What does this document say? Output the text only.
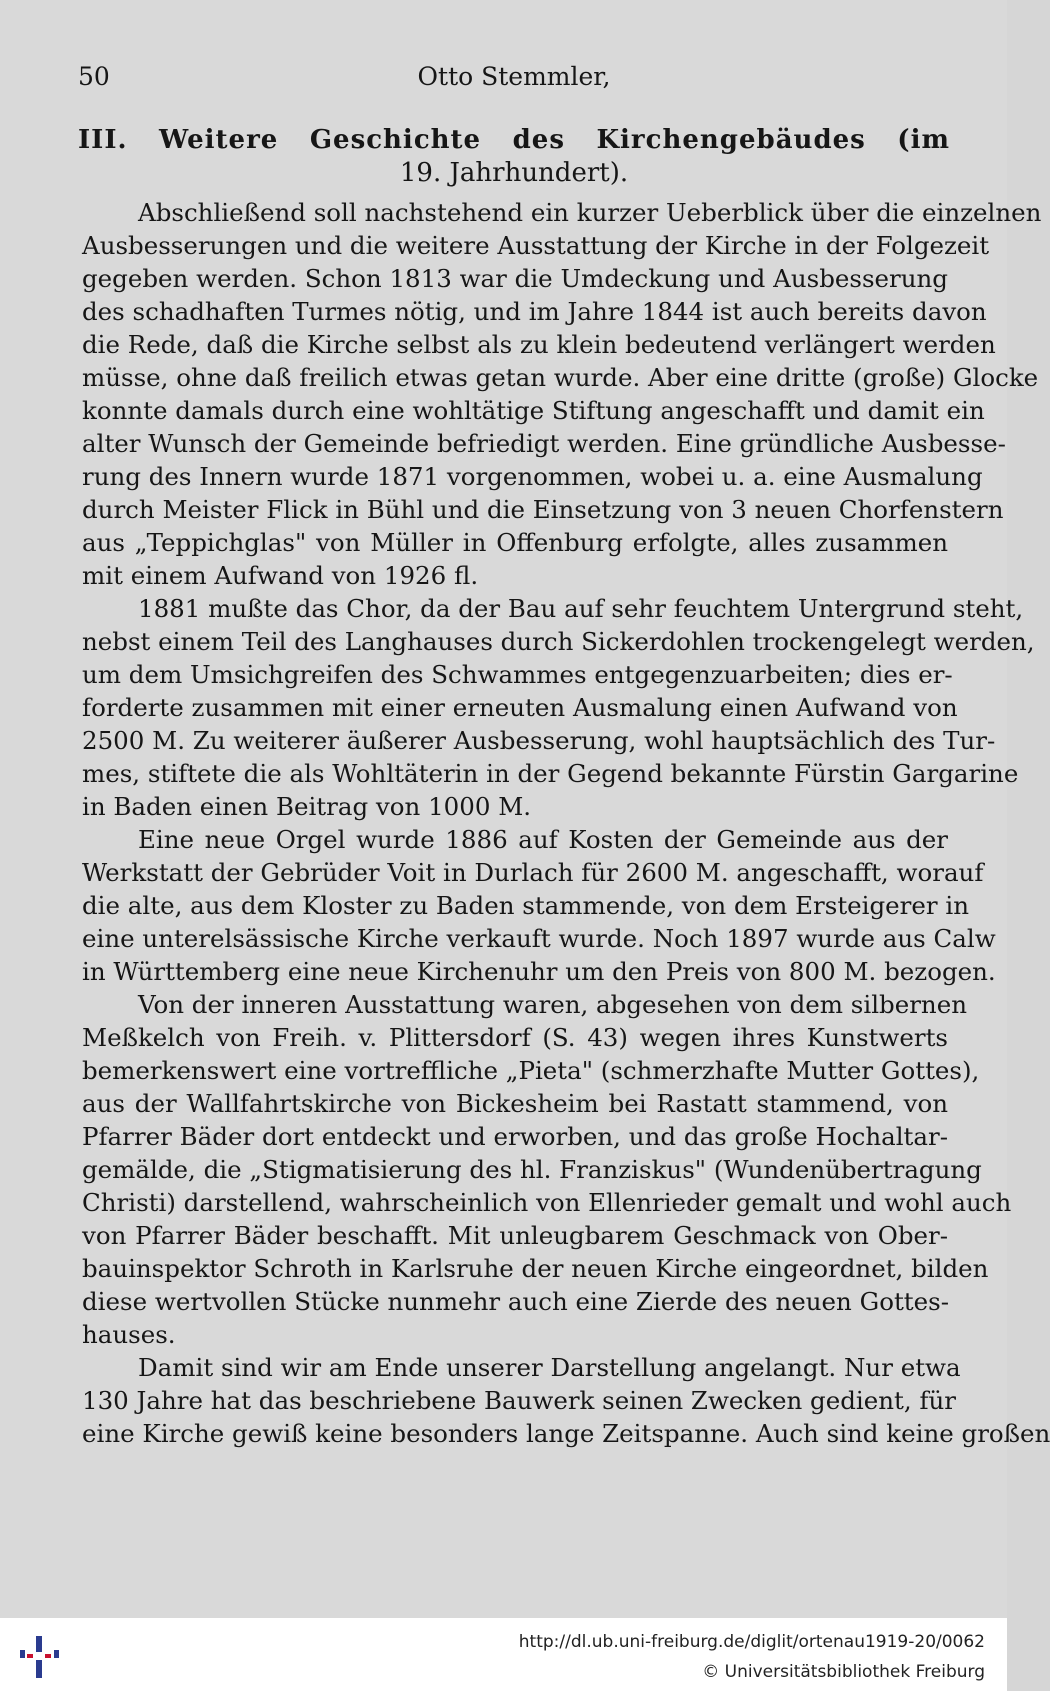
50	Otto Stemmler,
III. Weitere Geschichte des Kirchengebäudes (im
19. Jahrhundert).
Abschließend soll nachstehend ein kurzer Ueberblick über die einzelnen
Ausbesserungen und die weitere Ausstattung der Kirche in der Folgezeit
gegeben werden. Schon 1813 war die Umdeckung und Ausbesserung
des schadhaften Turmes nötig, und im Jahre 1844 ist auch bereits davon
die Rede, daß die Kirche selbst als zu klein bedeutend verlängert werden
müsse, ohne daß freilich etwas getan wurde. Aber eine dritte (große) Glocke
konnte damals durch eine wohltätige Stiftung angeschafft und damit ein
alter Wunsch der Gemeinde befriedigt werden. Eine gründliche Ausbesse-
rung des Innern wurde 1871 vorgenommen, wobei u. a. eine Ausmalung
durch Meister Flick in Bühl und die Einsetzung von 3 neuen Chorfenstern
aus „Teppichglas" von Müller in Offenburg erfolgte, alles zusammen
mit einem Aufwand von 1926 fl.
1881 mußte das Chor, da der Bau auf sehr feuchtem Untergrund steht,
nebst einem Teil des Langhauses durch Sickerdohlen trockengelegt werden,
um dem Umsichgreifen des Schwammes entgegenzuarbeiten; dies er-
forderte zusammen mit einer erneuten Ausmalung einen Aufwand von
2500 M. Zu weiterer äußerer Ausbesserung, wohl hauptsächlich des Tur-
mes, stiftete die als Wohltäterin in der Gegend bekannte Fürstin Gargarine
in Baden einen Beitrag von 1000 M.
Eine neue Orgel wurde 1886 auf Kosten der Gemeinde aus der
Werkstatt der Gebrüder Voit in Durlach für 2600 M. angeschafft, worauf
die alte, aus dem Kloster zu Baden stammende, von dem Ersteigerer in
eine unterelsässische Kirche verkauft wurde. Noch 1897 wurde aus Calw
in Württemberg eine neue Kirchenuhr um den Preis von 800 M. bezogen.
Von der inneren Ausstattung waren, abgesehen von dem silbernen
Meßkelch von Freih. v. Plittersdorf (S. 43) wegen ihres Kunstwerts
bemerkenswert eine vortreffliche „Pieta" (schmerzhafte Mutter Gottes),
aus der Wallfahrtskirche von Bickesheim bei Rastatt stammend, von
Pfarrer Bäder dort entdeckt und erworben, und das große Hochaltar-
gemälde, die „Stigmatisierung des hl. Franziskus" (Wundenübertragung
Christi) darstellend, wahrscheinlich von Ellenrieder gemalt und wohl auch
von Pfarrer Bäder beschafft. Mit unleugbarem Geschmack von Ober-
bauinspektor Schroth in Karlsruhe der neuen Kirche eingeordnet, bilden
diese wertvollen Stücke nunmehr auch eine Zierde des neuen Gottes-
hauses.
Damit sind wir am Ende unserer Darstellung angelangt. Nur etwa
130 Jahre hat das beschriebene Bauwerk seinen Zwecken gedient, für
eine Kirche gewiß keine besonders lange Zeitspanne. Auch sind keine großen
http://dl.ub.uni-freiburg.de/diglit/ortenau1919-20/0062
© Universitätsbibliothek Freiburg
